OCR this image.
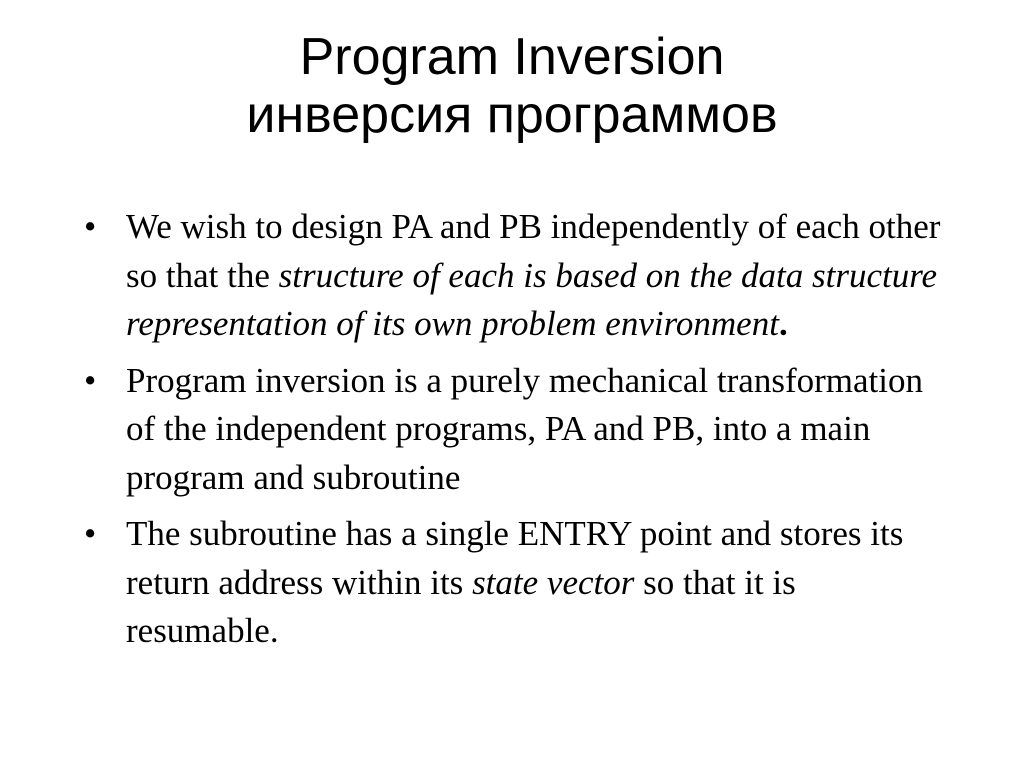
Program Inversion
инверсия программов
• We wish to design PA and PB independently of each other so that the structure of each is based on the data structure representation of its own problem environment.
• Program inversion is a purely mechanical transformation of the independent programs, PA and PB, into a main program and subroutine
• The subroutine has a single ENTRY point and stores its return address within its state vector so that it is resumable.
